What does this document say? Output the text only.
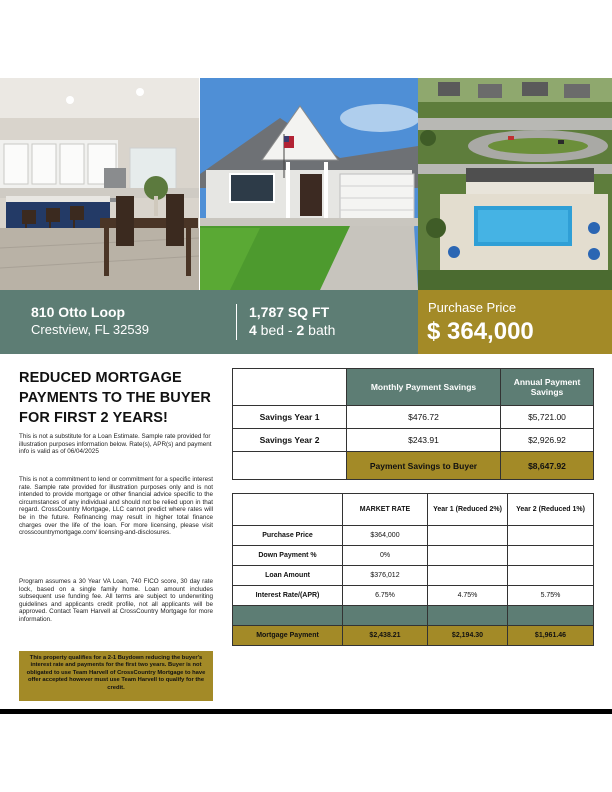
810 Otto Loop
Crestview, FL 32539
1,787 SQ FT
4 bed - 2 bath
Purchase Price
$ 364,000
REDUCED MORTGAGE PAYMENTS TO THE BUYER FOR FIRST 2 YEARS!
This is not a substitute for a Loan Estimate. Sample rate provided for illustration purposes information below. Rate(s), APR(s) and payment info is valid as of 06/04/2025
This is not a commitment to lend or commitment for a specific interest rate. Sample rate provided for illustration purposes only and is not intended to provide mortgage or other financial advice specific to the circumstances of any individual and should not be relied upon in that regard. CrossCountry Mortgage, LLC cannot predict where rates will be in the future. Refinancing may result in higher total finance charges over the life of the loan. For more licensing, please visit crosscountrymortgage.com/ licensing-and-disclosures.
Program assumes a 30 Year VA Loan, 740 FICO score, 30 day rate lock, based on a single family home. Loan amount includes subsequent use funding fee. All terms are subject to underwriting guidelines and applicants credit profile, not all applicants will be approved. Contact Team Harvell at CrossCountry Mortgage for more information.
This property qualifies for a 2-1 Buydown reducing the buyer's interest rate and payments for the first two years. Buyer is not obligated to use Team Harvell of CrossCountry Mortgage to have offer accepted however must use Team Harvell to qualify for the credit.
	Monthly Payment Savings	Annual Payment Savings
Savings Year 1	$476.72	$5,721.00
Savings Year 2	$243.91	$2,926.92
	Payment Savings to Buyer	$8,647.92
	MARKET RATE	Year 1 (Reduced 2%)	Year 2 (Reduced 1%)
Purchase Price	$364,000		
Down Payment %	0%		
Loan Amount	$376,012		
Interest Rate/(APR)	6.75%	4.75%	5.75%

Mortgage Payment	$2,438.21	$2,194.30	$1,961.46
